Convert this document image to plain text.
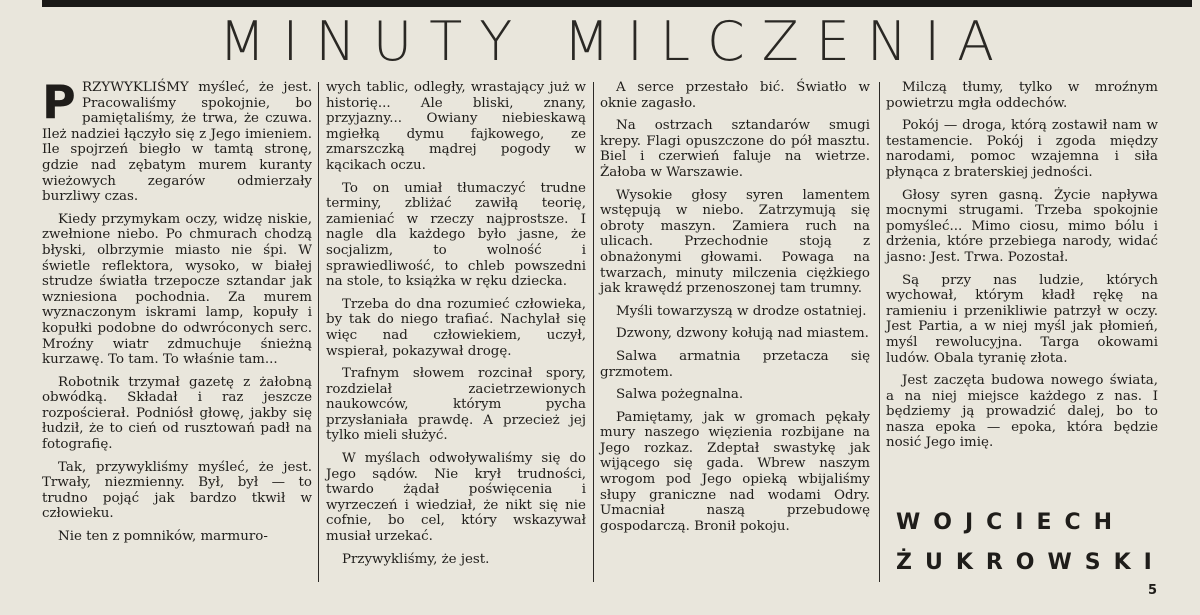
MINUTY MILCZENIA

PRZYWYKLIŚMY myśleć, że jest. Pracowaliśmy spokojnie, bo pamiętaliśmy, że trwa, że czuwa. Ileż nadziei łączyło się z Jego imieniem. Ile spojrzeń biegło w tamtą stronę, gdzie nad zębatym murem kuranty wieżowych zegarów odmierzały burzliwy czas.

Kiedy przymykam oczy, widzę niskie, zwełnione niebo. Po chmurach chodzą błyski, olbrzymie miasto nie śpi. W świetle reflektora, wysoko, w białej strudze światła trzepocze sztandar jak wzniesiona pochodnia. Za murem wyznaczonym iskrami lamp, kopuły i kopułki podobne do odwróconych serc. Mroźny wiatr zdmuchuje śnieżną kurzawę. To tam. To właśnie tam...

Robotnik trzymał gazetę z żałobną obwódką. Składał i raz jeszcze rozpościerał. Podniósł głowę, jakby się łudził, że to cień od rusztowań padł na fotografię.

Tak, przywykliśmy myśleć, że jest. Trwały, niezmienny. Był, był — to trudno pojąć jak bardzo tkwił w człowieku.

Nie ten z pomników, marmuro-

wych tablic, odległy, wrastający już w historię... Ale bliski, znany, przyjazny... Owiany niebieskawą mgiełką dymu fajkowego, ze zmarszczką mądrej pogody w kącikach oczu.

To on umiał tłumaczyć trudne terminy, zbliżać zawiłą teorię, zamieniać w rzeczy najprostsze. I nagle dla każdego było jasne, że socjalizm, to wolność i sprawiedliwość, to chleb powszedni na stole, to książka w ręku dziecka.

Trzeba do dna rozumieć człowieka, by tak do niego trafiać. Nachylał się więc nad człowiekiem, uczył, wspierał, pokazywał drogę.

Trafnym słowem rozcinał spory, rozdzielał zacietrzewionych naukowców, którym pycha przysłaniała prawdę. A przecież jej tylko mieli służyć.

W myślach odwoływaliśmy się do Jego sądów. Nie krył trudności, twardo żądał poświęcenia i wyrzeczeń i wiedział, że nikt się nie cofnie, bo cel, który wskazywał musiał urzekać.

Przywykliśmy, że jest.

A serce przestało bić. Światło w oknie zagasło.

Na ostrzach sztandarów smugi krepy. Flagi opuszczone do pół masztu. Biel i czerwień faluje na wietrze. Żałoba w Warszawie.

Wysokie głosy syren lamentem wstępują w niebo. Zatrzymują się obroty maszyn. Zamiera ruch na ulicach. Przechodnie stoją z obnażonymi głowami. Powaga na twarzach, minuty milczenia ciężkiego jak krawędź przenoszonej tam trumny.

Myśli towarzyszą w drodze ostatniej.

Dzwony, dzwony kołują nad miastem.

Salwa armatnia przetacza się grzmotem.

Salwa pożegnalna.

Pamiętamy, jak w gromach pękały mury naszego więzienia rozbijane na Jego rozkaz. Zdeptał swastykę jak wijącego się gada. Wbrew naszym wrogom pod Jego opieką wbijaliśmy słupy graniczne nad wodami Odry. Umacniał naszą przebudowę gospodarczą. Bronił pokoju.

Milczą tłumy, tylko w mroźnym powietrzu mgła oddechów.

Pokój — droga, którą zostawił nam w testamencie. Pokój i zgoda między narodami, pomoc wzajemna i siła płynąca z braterskiej jedności.

Głosy syren gasną. Życie napływa mocnymi strugami. Trzeba spokojnie pomyśleć... Mimo ciosu, mimo bólu i drżenia, które przebiega narody, widać jasno: Jest. Trwa. Pozostał.

Są przy nas ludzie, których wychował, którym kładł rękę na ramieniu i przenikliwie patrzył w oczy. Jest Partia, a w niej myśl jak płomień, myśl rewolucyjna. Targa okowami ludów. Obala tyranię złota.

Jest zaczęta budowa nowego świata, a na niej miejsce każdego z nas. I będziemy ją prowadzić dalej, bo to nasza epoka — epoka, która będzie nosić Jego imię.

WOJCIECH
ŻUKROWSKI
5
